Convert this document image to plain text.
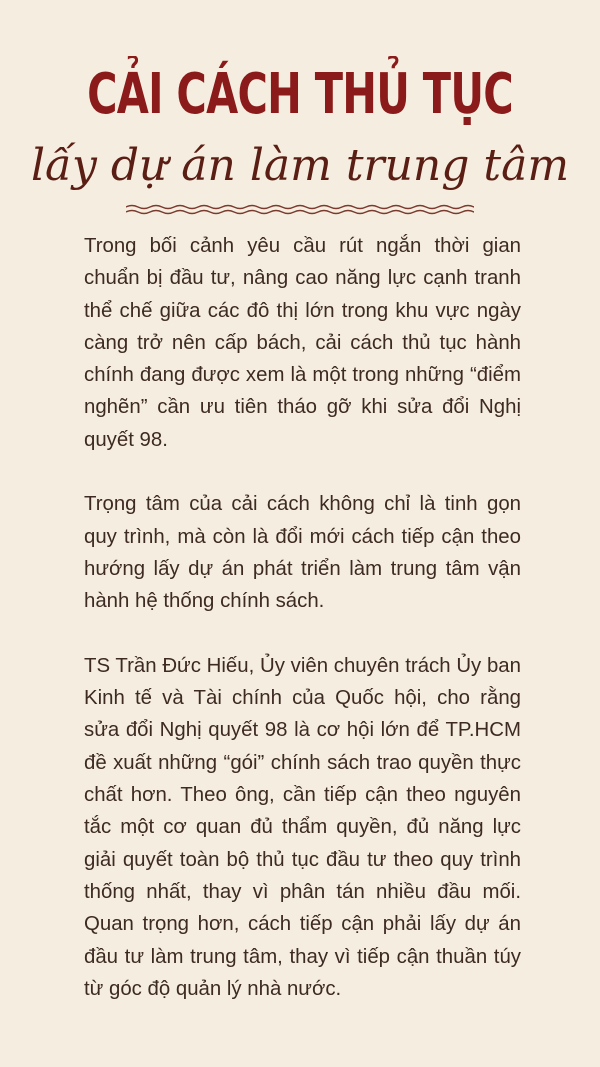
CẢI CÁCH THỦ TỤC
lấy dự án làm trung tâm

Trong bối cảnh yêu cầu rút ngắn thời gian chuẩn bị đầu tư, nâng cao năng lực cạnh tranh thể chế giữa các đô thị lớn trong khu vực ngày càng trở nên cấp bách, cải cách thủ tục hành chính đang được xem là một trong những “điểm nghẽn” cần ưu tiên tháo gỡ khi sửa đổi Nghị quyết 98.

Trọng tâm của cải cách không chỉ là tinh gọn quy trình, mà còn là đổi mới cách tiếp cận theo hướng lấy dự án phát triển làm trung tâm vận hành hệ thống chính sách.

TS Trần Đức Hiếu, Ủy viên chuyên trách Ủy ban Kinh tế và Tài chính của Quốc hội, cho rằng sửa đổi Nghị quyết 98 là cơ hội lớn để TP.HCM đề xuất những “gói” chính sách trao quyền thực chất hơn. Theo ông, cần tiếp cận theo nguyên tắc một cơ quan đủ thẩm quyền, đủ năng lực giải quyết toàn bộ thủ tục đầu tư theo quy trình thống nhất, thay vì phân tán nhiều đầu mối. Quan trọng hơn, cách tiếp cận phải lấy dự án đầu tư làm trung tâm, thay vì tiếp cận thuần túy từ góc độ quản lý nhà nước.
